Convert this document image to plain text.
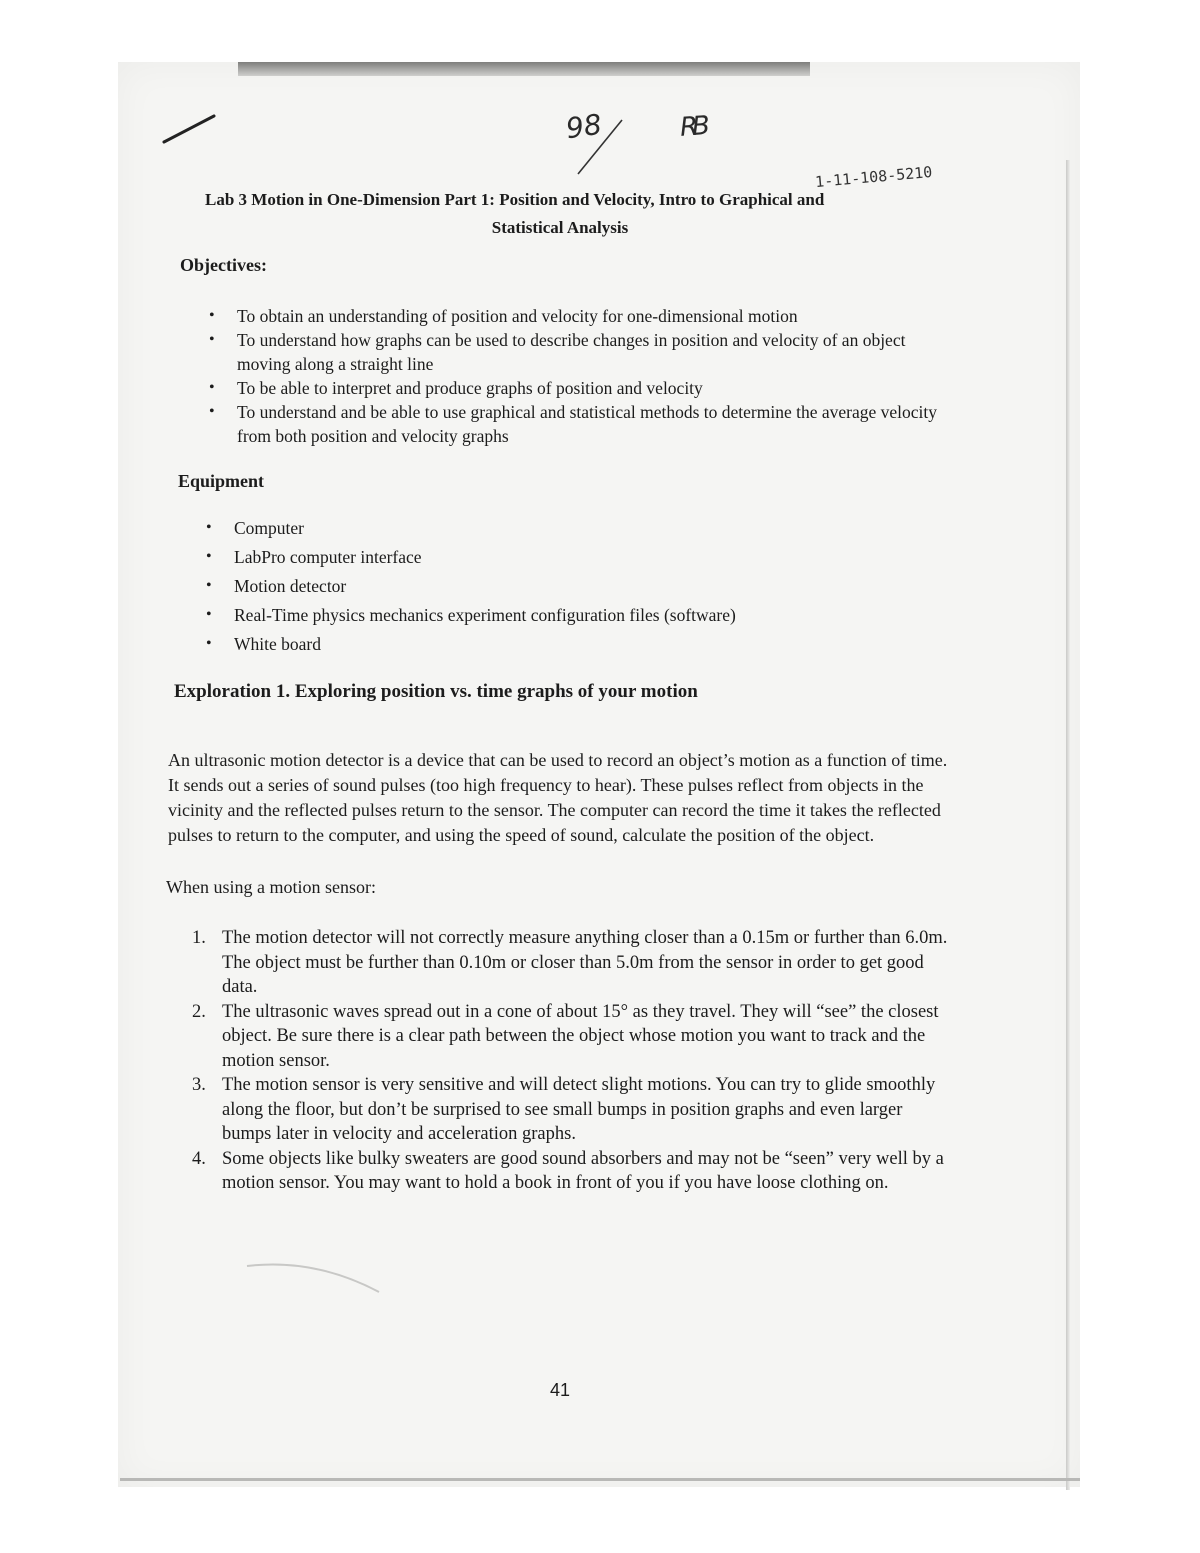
98	RB
1-11-108-5210
Lab 3 Motion in One-Dimension Part 1: Position and Velocity, Intro to Graphical and
Statistical Analysis
Objectives:
• To obtain an understanding of position and velocity for one-dimensional motion
• To understand how graphs can be used to describe changes in position and velocity of an object moving along a straight line
• To be able to interpret and produce graphs of position and velocity
• To understand and be able to use graphical and statistical methods to determine the average velocity from both position and velocity graphs
Equipment
• Computer
• LabPro computer interface
• Motion detector
• Real-Time physics mechanics experiment configuration files (software)
• White board
Exploration 1. Exploring position vs. time graphs of your motion

An ultrasonic motion detector is a device that can be used to record an object’s motion as a function of time. It sends out a series of sound pulses (too high frequency to hear). These pulses reflect from objects in the vicinity and the reflected pulses return to the sensor. The computer can record the time it takes the reflected pulses to return to the computer, and using the speed of sound, calculate the position of the object.

When using a motion sensor:
1. The motion detector will not correctly measure anything closer than a 0.15m or further than 6.0m. The object must be further than 0.10m or closer than 5.0m from the sensor in order to get good data.
2. The ultrasonic waves spread out in a cone of about 15° as they travel. They will “see” the closest object. Be sure there is a clear path between the object whose motion you want to track and the motion sensor.
3. The motion sensor is very sensitive and will detect slight motions. You can try to glide smoothly along the floor, but don’t be surprised to see small bumps in position graphs and even larger bumps later in velocity and acceleration graphs.
4. Some objects like bulky sweaters are good sound absorbers and may not be “seen” very well by a motion sensor. You may want to hold a book in front of you if you have loose clothing on.
41
